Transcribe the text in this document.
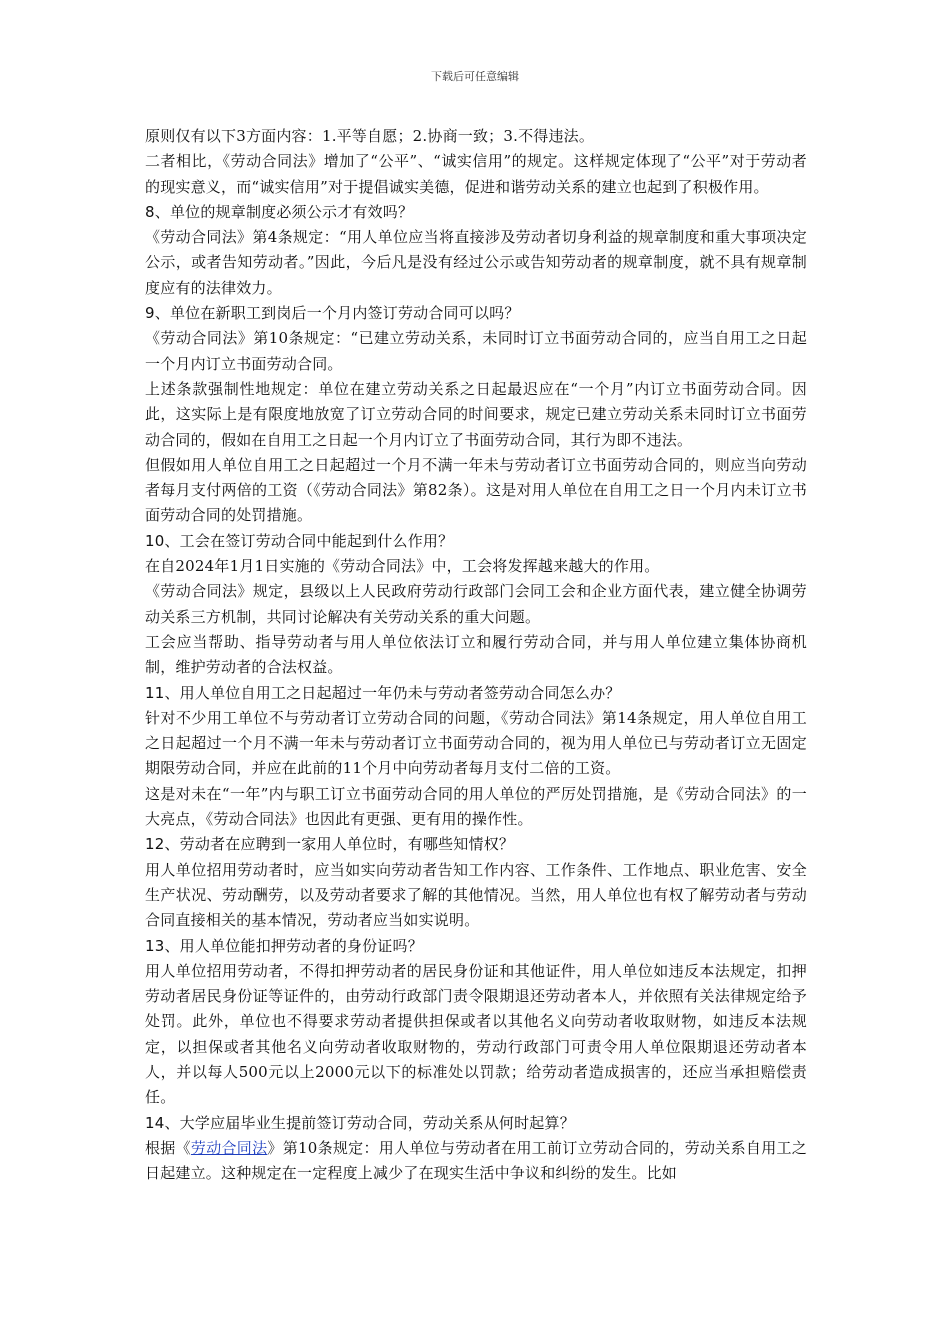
下载后可任意编辑

原则仅有以下3方面内容：1.平等自愿；2.协商一致；3.不得违法。

二者相比，《劳动合同法》增加了“公平”、“诚实信用”的规定。这样规定体现了“公平”对于劳动者的现实意义，而“诚实信用”对于提倡诚实美德，促进和谐劳动关系的建立也起到了积极作用。

8、单位的规章制度必须公示才有效吗？

《劳动合同法》第4条规定：“用人单位应当将直接涉及劳动者切身利益的规章制度和重大事项决定公示，或者告知劳动者。”因此，今后凡是没有经过公示或告知劳动者的规章制度，就不具有规章制度应有的法律效力。

9、单位在新职工到岗后一个月内签订劳动合同可以吗？

《劳动合同法》第10条规定：“已建立劳动关系，未同时订立书面劳动合同的，应当自用工之日起一个月内订立书面劳动合同。

上述条款强制性地规定：单位在建立劳动关系之日起最迟应在“一个月”内订立书面劳动合同。因此，这实际上是有限度地放宽了订立劳动合同的时间要求，规定已建立劳动关系未同时订立书面劳动合同的，假如在自用工之日起一个月内订立了书面劳动合同，其行为即不违法。

但假如用人单位自用工之日起超过一个月不满一年未与劳动者订立书面劳动合同的，则应当向劳动者每月支付两倍的工资（《劳动合同法》第82条）。这是对用人单位在自用工之日一个月内未订立书面劳动合同的处罚措施。

10、工会在签订劳动合同中能起到什么作用？

在自2024年1月1日实施的《劳动合同法》中，工会将发挥越来越大的作用。

《劳动合同法》规定，县级以上人民政府劳动行政部门会同工会和企业方面代表，建立健全协调劳动关系三方机制，共同讨论解决有关劳动关系的重大问题。

工会应当帮助、指导劳动者与用人单位依法订立和履行劳动合同，并与用人单位建立集体协商机制，维护劳动者的合法权益。

11、用人单位自用工之日起超过一年仍未与劳动者签劳动合同怎么办？

针对不少用工单位不与劳动者订立劳动合同的问题，《劳动合同法》第14条规定，用人单位自用工之日起超过一个月不满一年未与劳动者订立书面劳动合同的，视为用人单位已与劳动者订立无固定期限劳动合同，并应在此前的11个月中向劳动者每月支付二倍的工资。

这是对未在“一年”内与职工订立书面劳动合同的用人单位的严厉处罚措施，是《劳动合同法》的一大亮点，《劳动合同法》也因此有更强、更有用的操作性。

12、劳动者在应聘到一家用人单位时，有哪些知情权？

用人单位招用劳动者时，应当如实向劳动者告知工作内容、工作条件、工作地点、职业危害、安全生产状况、劳动酬劳，以及劳动者要求了解的其他情况。当然，用人单位也有权了解劳动者与劳动合同直接相关的基本情况，劳动者应当如实说明。

13、用人单位能扣押劳动者的身份证吗？

用人单位招用劳动者，不得扣押劳动者的居民身份证和其他证件，用人单位如违反本法规定，扣押劳动者居民身份证等证件的，由劳动行政部门责令限期退还劳动者本人，并依照有关法律规定给予处罚。此外，单位也不得要求劳动者提供担保或者以其他名义向劳动者收取财物，如违反本法规定，以担保或者其他名义向劳动者收取财物的，劳动行政部门可责令用人单位限期退还劳动者本人，并以每人500元以上2000元以下的标准处以罚款；给劳动者造成损害的，还应当承担赔偿责任。

14、大学应届毕业生提前签订劳动合同，劳动关系从何时起算？

根据《劳动合同法》第10条规定：用人单位与劳动者在用工前订立劳动合同的，劳动关系自用工之日起建立。这种规定在一定程度上减少了在现实生活中争议和纠纷的发生。比如
